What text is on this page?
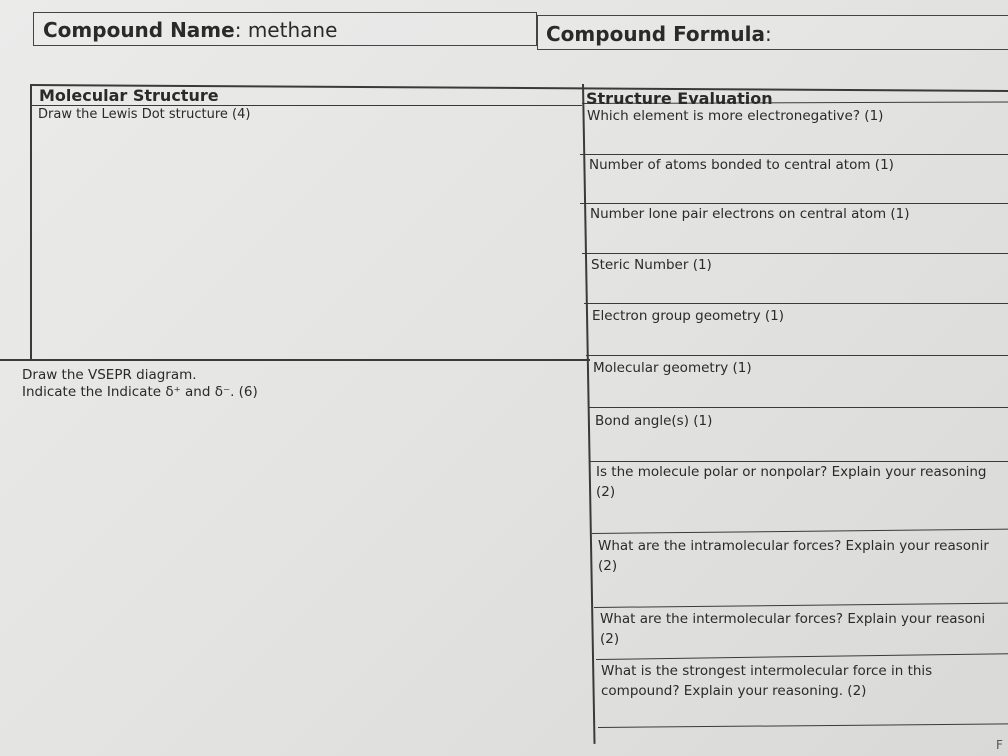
Compound Name: methane	Compound Formula:
Molecular Structure
Draw the Lewis Dot structure (4)
Draw the VSEPR diagram.
Indicate the Indicate δ⁺ and δ⁻. (6)
Structure Evaluation
Which element is more electronegative? (1)
Number of atoms bonded to central atom (1)
Number lone pair electrons on central atom (1)
Steric Number (1)
Electron group geometry (1)
Molecular geometry (1)
Bond angle(s) (1)
Is the molecule polar or nonpolar? Explain your reasoning
(2)
What are the intramolecular forces? Explain your reasonir
(2)
What are the intermolecular forces? Explain your reasoni
(2)
What is the strongest intermolecular force in this
compound? Explain your reasoning. (2)
F
